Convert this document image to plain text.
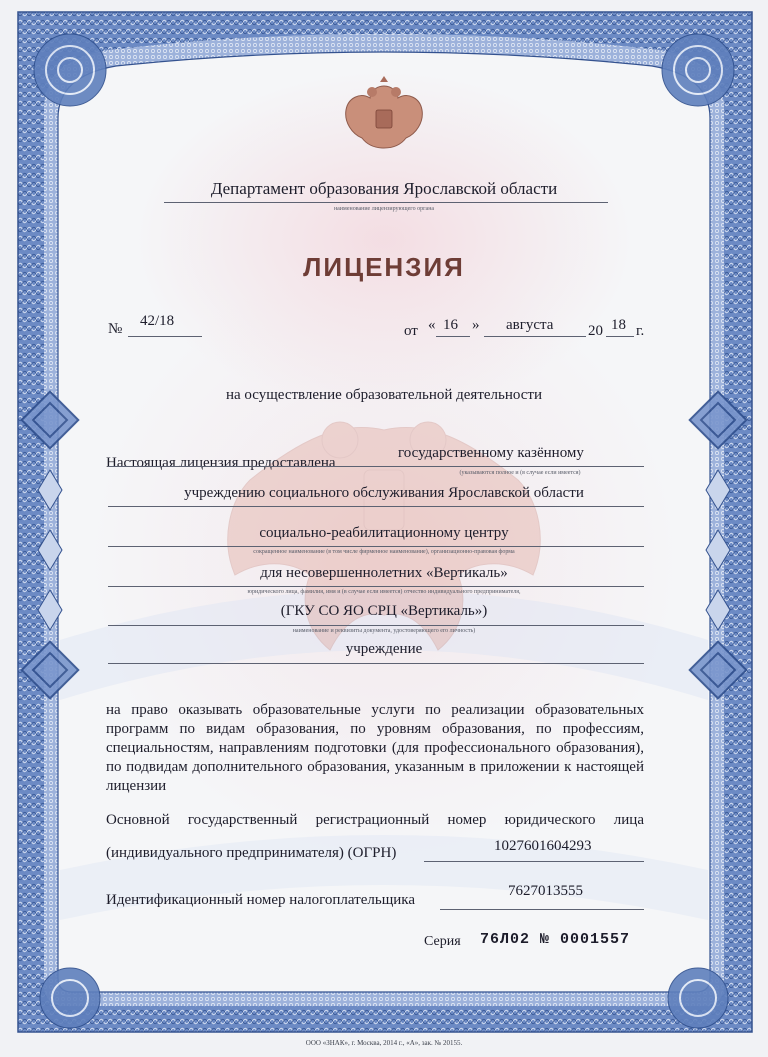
Департамент образования Ярославской области
наименование лицензирующего органа
ЛИЦЕНЗИЯ
№ 42/18
от « 16 » августа 20 18 г.
на осуществление образовательной деятельности
Настоящая лицензия предоставлена
государственному казённому
(указываются полное и (в случае если имеется)
учреждению социального обслуживания Ярославской области
социально-реабилитационному центру
сокращенное наименование (в том числе фирменное наименование), организационно-правовая форма
для несовершеннолетних «Вертикаль»
юридического лица, фамилия, имя и (в случае если имеется) отчество индивидуального предпринимателя,
(ГКУ СО ЯО СРЦ «Вертикаль»)
наименование и реквизиты документа, удостоверяющего его личность)
учреждение
на право оказывать образовательные услуги по реализации образовательных программ по видам образования, по уровням образования, по профессиям, специальностям, направлениям подготовки (для профессионального образования), по подвидам дополнительного образования, указанным в приложении к настоящей лицензии
Основной государственный регистрационный номер юридического лица
(индивидуального предпринимателя) (ОГРН)	1027601604293
Идентификационный номер налогоплательщика
7627013555
Серия 76Л02 № 0001557
ООО «ЗНАК», г. Москва, 2014 г., «А», зак. № 20155.
